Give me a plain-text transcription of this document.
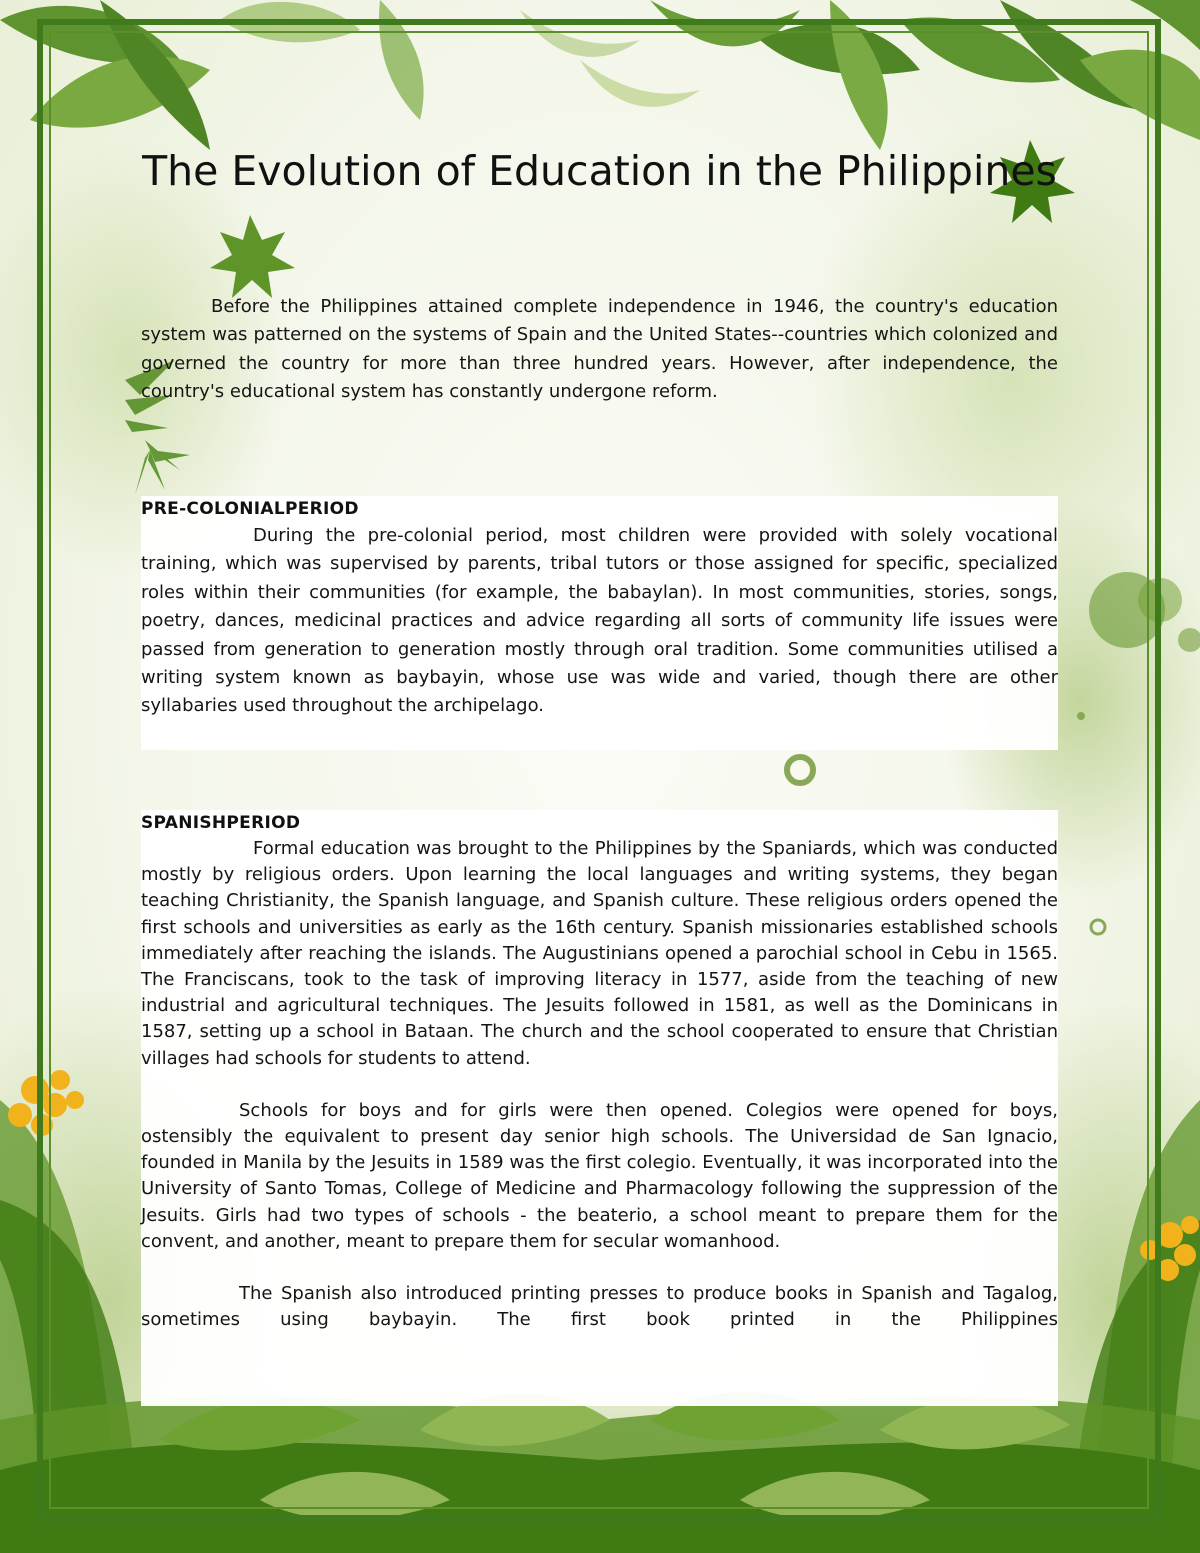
The Evolution of Education in the Philippines

Before the Philippines attained complete independence in 1946, the country's education system was patterned on the systems of Spain and the United States--countries which colonized and governed the country for more than three hundred years. However, after independence, the country's educational system has constantly undergone reform.

PRE-COLONIALPERIOD

During the pre-colonial period, most children were provided with solely vocational training, which was supervised by parents, tribal tutors or those assigned for specific, specialized roles within their communities (for example, the babaylan). In most communities, stories, songs, poetry, dances, medicinal practices and advice regarding all sorts of community life issues were passed from generation to generation mostly through oral tradition. Some communities utilised a writing system known as baybayin, whose use was wide and varied, though there are other syllabaries used throughout the archipelago.

SPANISHPERIOD

Formal education was brought to the Philippines by the Spaniards, which was conducted mostly by religious orders. Upon learning the local languages and writing systems, they began teaching Christianity, the Spanish language, and Spanish culture. These religious orders opened the first schools and universities as early as the 16th century. Spanish missionaries established schools immediately after reaching the islands. The Augustinians opened a parochial school in Cebu in 1565. The Franciscans, took to the task of improving literacy in 1577, aside from the teaching of new industrial and agricultural techniques. The Jesuits followed in 1581, as well as the Dominicans in 1587, setting up a school in Bataan. The church and the school cooperated to ensure that Christian villages had schools for students to attend.

Schools for boys and for girls were then opened. Colegios were opened for boys, ostensibly the equivalent to present day senior high schools. The Universidad de San Ignacio, founded in Manila by the Jesuits in 1589 was the first colegio. Eventually, it was incorporated into the University of Santo Tomas, College of Medicine and Pharmacology following the suppression of the Jesuits. Girls had two types of schools - the beaterio, a school meant to prepare them for the convent, and another, meant to prepare them for secular womanhood.

The Spanish also introduced printing presses to produce books in Spanish and Tagalog, sometimes using baybayin. The first book printed in the Philippines
